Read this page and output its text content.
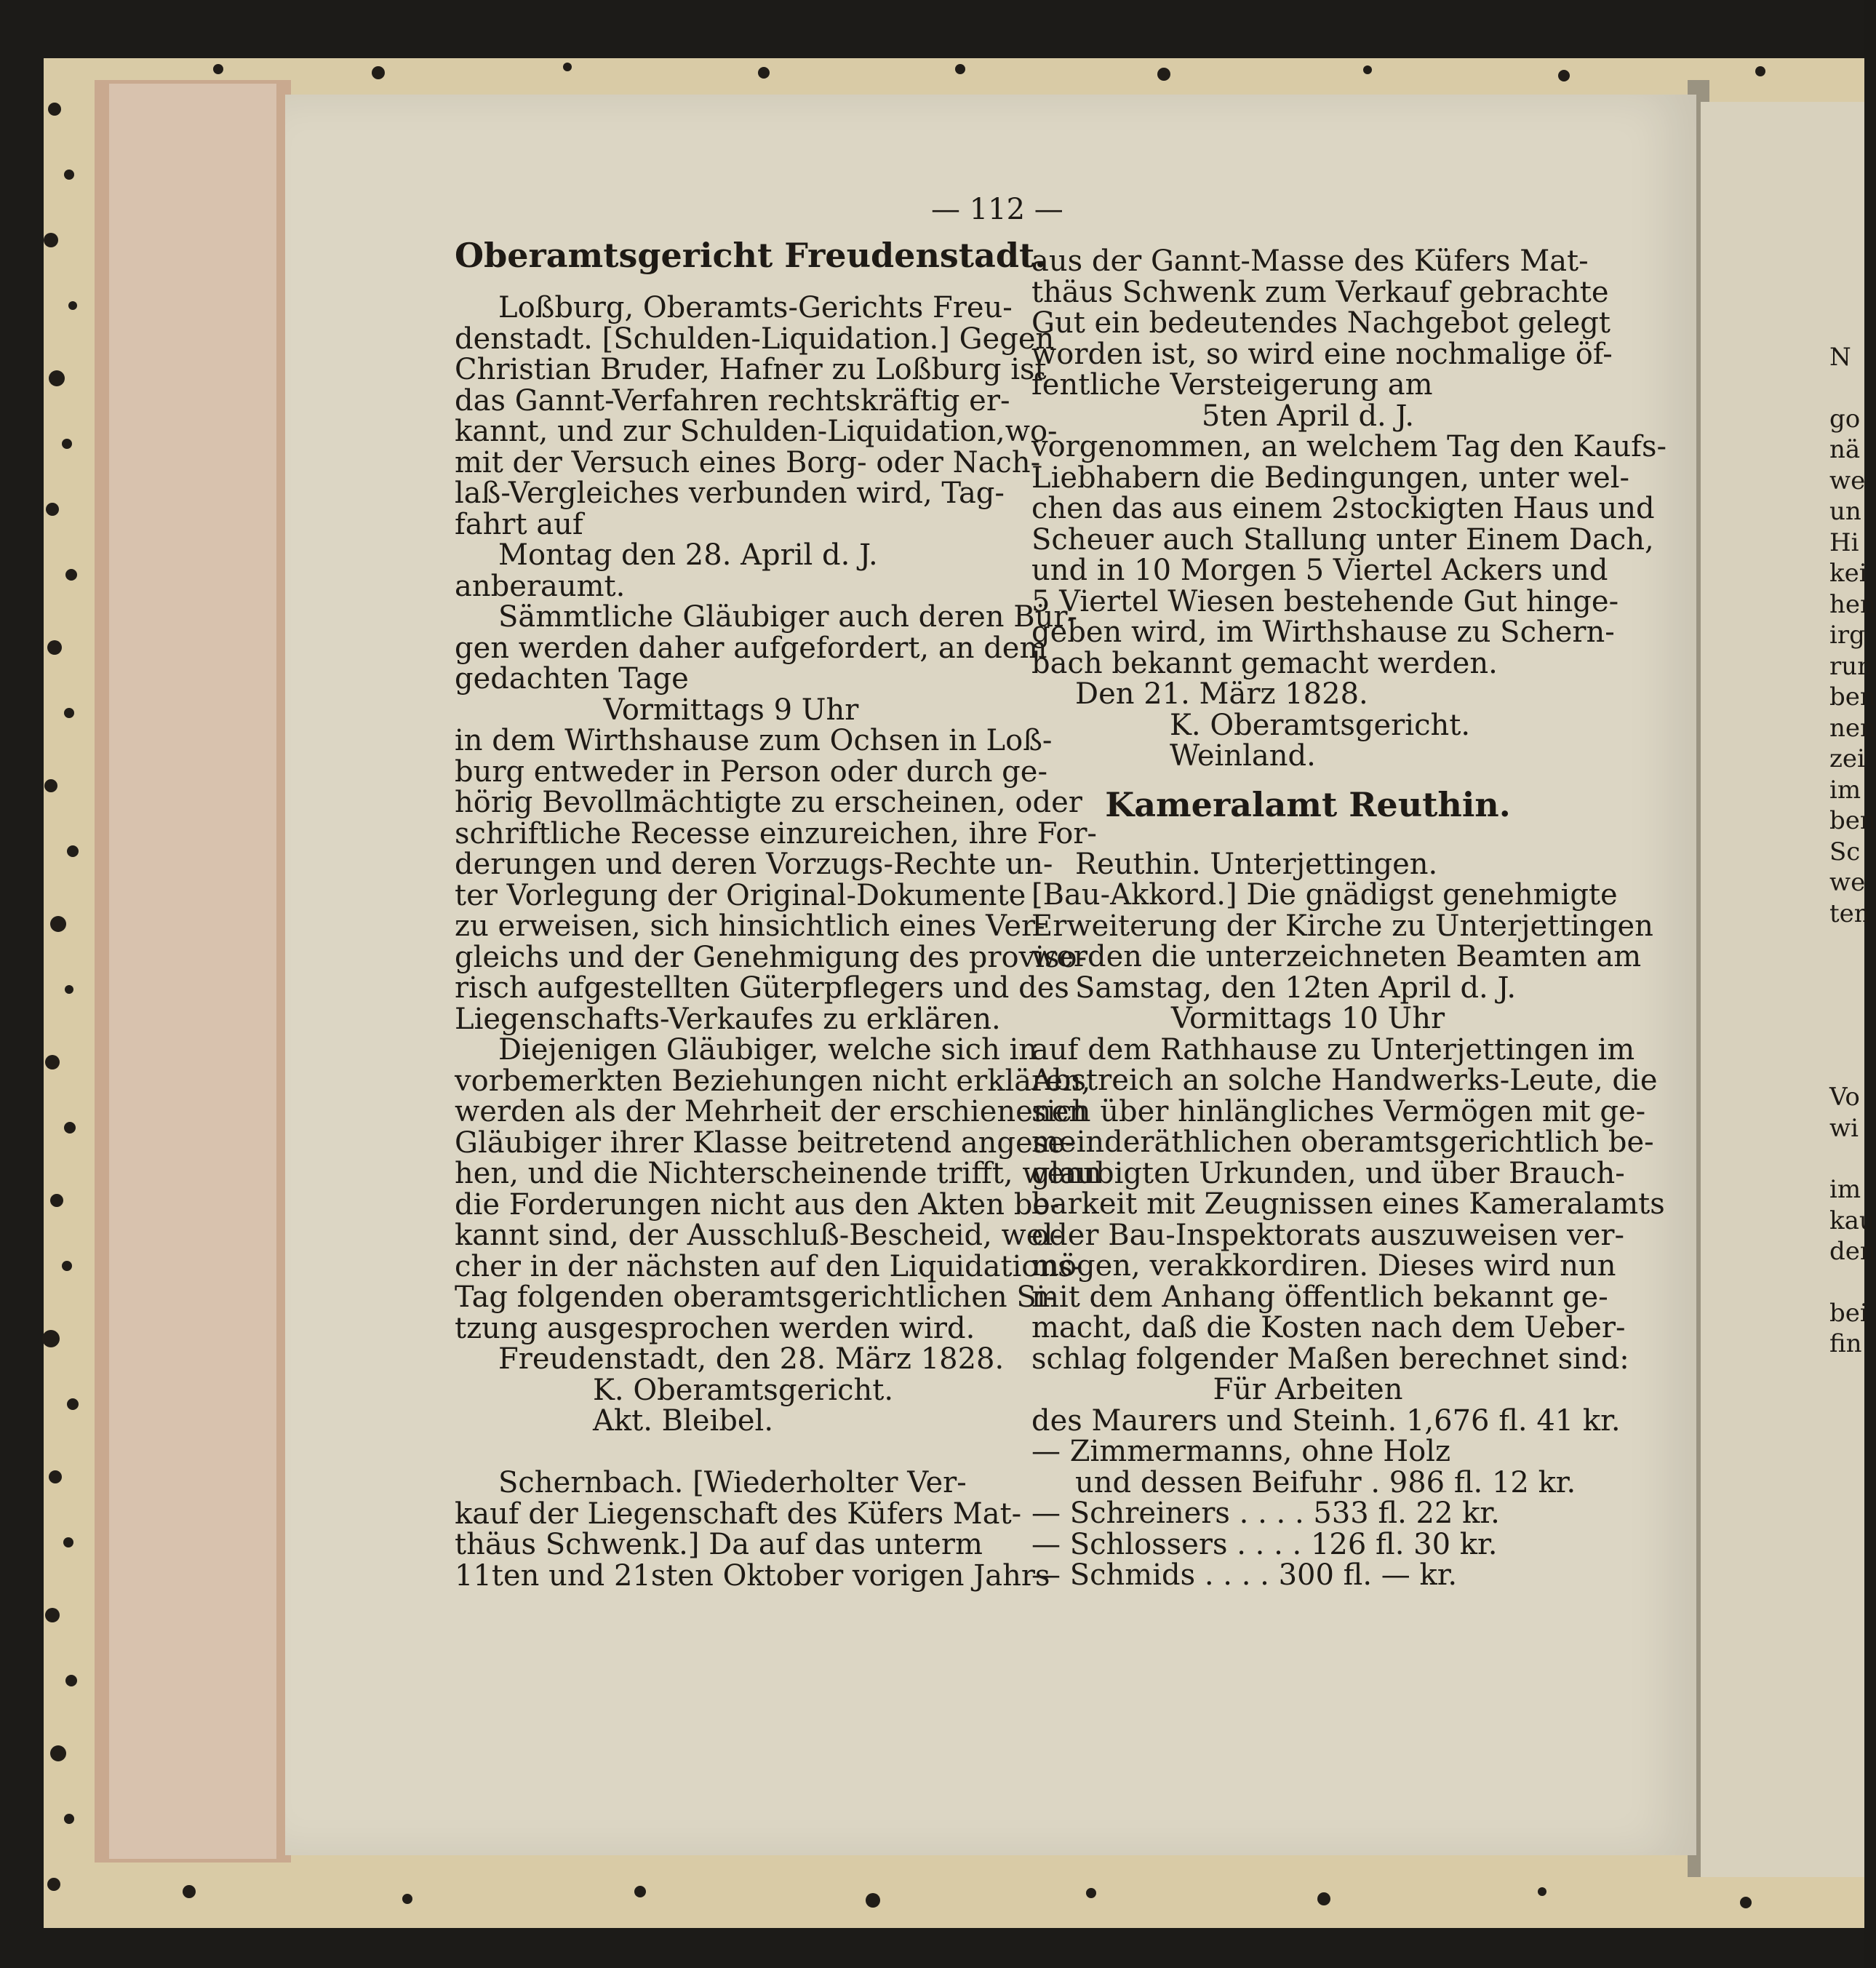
— 112 —
Oberamtsgericht Freudenstadt.
Loßburg, Oberamts-Gerichts Freu-
denstadt. [Schulden-Liquidation.] Gegen
Christian Bruder, Hafner zu Loßburg ist
das Gannt-Verfahren rechtskräftig er-
kannt, und zur Schulden-Liquidation,wo-
mit der Versuch eines Borg- oder Nach-
laß-Vergleiches verbunden wird, Tag-
fahrt auf
Montag den 28. April d. J.
anberaumt.
Sämmtliche Gläubiger auch deren Bür-
gen werden daher aufgefordert, an dem
gedachten Tage
Vormittags 9 Uhr
in dem Wirthshause zum Ochsen in Loß-
burg entweder in Person oder durch ge-
hörig Bevollmächtigte zu erscheinen, oder
schriftliche Recesse einzureichen, ihre For-
derungen und deren Vorzugs-Rechte un-
ter Vorlegung der Original-Dokumente
zu erweisen, sich hinsichtlich eines Ver-
gleichs und der Genehmigung des proviso-
risch aufgestellten Güterpflegers und des
Liegenschafts-Verkaufes zu erklären.
Diejenigen Gläubiger, welche sich in
vorbemerkten Beziehungen nicht erklären,
werden als der Mehrheit der erschienenen
Gläubiger ihrer Klasse beitretend angese-
hen, und die Nichterscheinende trifft, wenn
die Forderungen nicht aus den Akten be-
kannt sind, der Ausschluß-Bescheid, wel-
cher in der nächsten auf den Liquidations-
Tag folgenden oberamtsgerichtlichen Si-
tzung ausgesprochen werden wird.
Freudenstadt, den 28. März 1828.
K. Oberamtsgericht.
Akt. Bleibel.
Schernbach. [Wiederholter Ver-
kauf der Liegenschaft des Küfers Mat-
thäus Schwenk.] Da auf das unterm
11ten und 21sten Oktober vorigen Jahrs
aus der Gannt-Masse des Küfers Mat-
thäus Schwenk zum Verkauf gebrachte
Gut ein bedeutendes Nachgebot gelegt
worden ist, so wird eine nochmalige öf-
fentliche Versteigerung am
5ten April d. J.
vorgenommen, an welchem Tag den Kaufs-
Liebhabern die Bedingungen, unter wel-
chen das aus einem 2stockigten Haus und
Scheuer auch Stallung unter Einem Dach,
und in 10 Morgen 5 Viertel Ackers und
5 Viertel Wiesen bestehende Gut hinge-
geben wird, im Wirthshause zu Schern-
bach bekannt gemacht werden.
Den 21. März 1828.
K. Oberamtsgericht.
Weinland.
Kameralamt Reuthin.
Reuthin. Unterjettingen.
[Bau-Akkord.] Die gnädigst genehmigte
Erweiterung der Kirche zu Unterjettingen
werden die unterzeichneten Beamten am
Samstag, den 12ten April d. J.
Vormittags 10 Uhr
auf dem Rathhause zu Unterjettingen im
Abstreich an solche Handwerks-Leute, die
sich über hinlängliches Vermögen mit ge-
meinderäthlichen oberamtsgerichtlich be-
glaubigten Urkunden, und über Brauch-
barkeit mit Zeugnissen eines Kameralamts
oder Bau-Inspektorats auszuweisen ver-
mögen, verakkordiren. Dieses wird nun
mit dem Anhang öffentlich bekannt ge-
macht, daß die Kosten nach dem Ueber-
schlag folgender Maßen berechnet sind:
Für Arbeiten
des Maurers und Steinh. 1,676 fl. 41 kr.
— Zimmermanns, ohne Holz
und dessen Beifuhr . 986 fl. 12 kr.
— Schreiners . . . . 533 fl. 22 kr.
— Schlossers . . . . 126 fl. 30 kr.
— Schmids . . . . 300 fl. — kr.
N
go
nä
we
un
Hi
kei
hen
irg
run
ben
nen
zei
im
ben
Sc
we
ten
Vo
wi
im
kau
den
bei
fin
